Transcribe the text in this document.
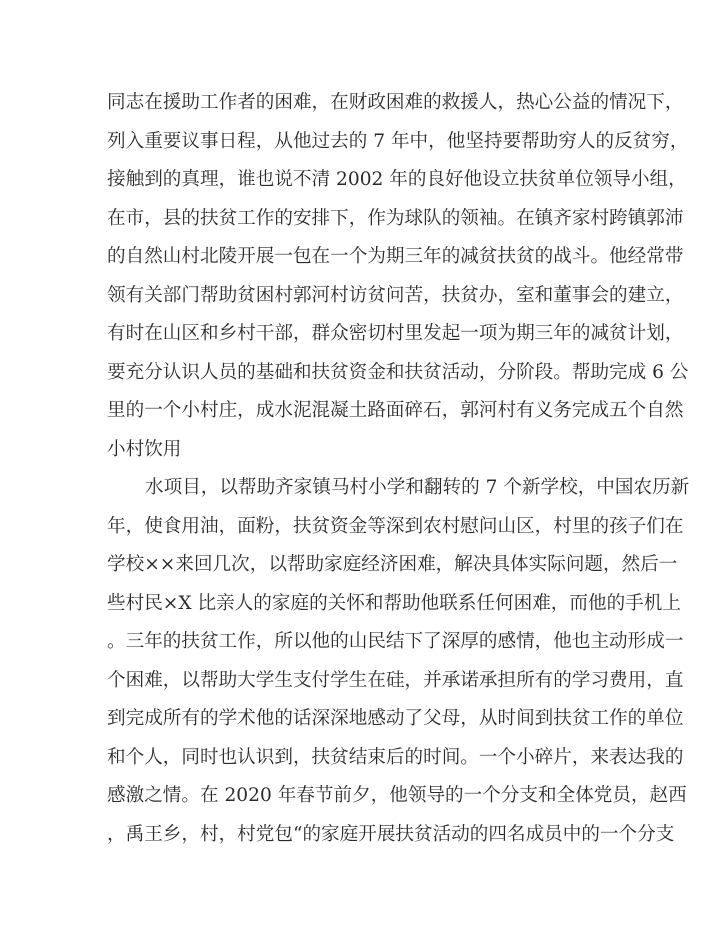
同志在援助工作者的困难，在财政困难的救援人，热心公益的情况下，
列入重要议事日程，从他过去的 7 年中，他坚持要帮助穷人的反贫穷，
接触到的真理，谁也说不清 2002 年的良好他设立扶贫单位领导小组，
在市，县的扶贫工作的安排下，作为球队的领袖。在镇齐家村跨镇郭沛
的自然山村北陵开展一包在一个为期三年的减贫扶贫的战斗。他经常带
领有关部门帮助贫困村郭河村访贫问苦，扶贫办，室和董事会的建立，
有时在山区和乡村干部，群众密切村里发起一项为期三年的减贫计划，
要充分认识人员的基础和扶贫资金和扶贫活动，分阶段。帮助完成 6 公
里的一个小村庄，成水泥混凝土路面碎石，郭河村有义务完成五个自然
小村饮用
水项目，以帮助齐家镇马村小学和翻转的 7 个新学校，中国农历新
年，使食用油，面粉，扶贫资金等深到农村慰问山区，村里的孩子们在
学校××来回几次，以帮助家庭经济困难，解决具体实际问题，然后一
些村民×X 比亲人的家庭的关怀和帮助他联系任何困难，而他的手机上
。三年的扶贫工作，所以他的山民结下了深厚的感情，他也主动形成一
个困难，以帮助大学生支付学生在硅，并承诺承担所有的学习费用，直
到完成所有的学术他的话深深地感动了父母，从时间到扶贫工作的单位
和个人，同时也认识到，扶贫结束后的时间。一个小碎片，来表达我的
感激之情。在 2020 年春节前夕，他领导的一个分支和全体党员，赵西
，禹王乡，村，村党包“的家庭开展扶贫活动的四名成员中的一个分支
